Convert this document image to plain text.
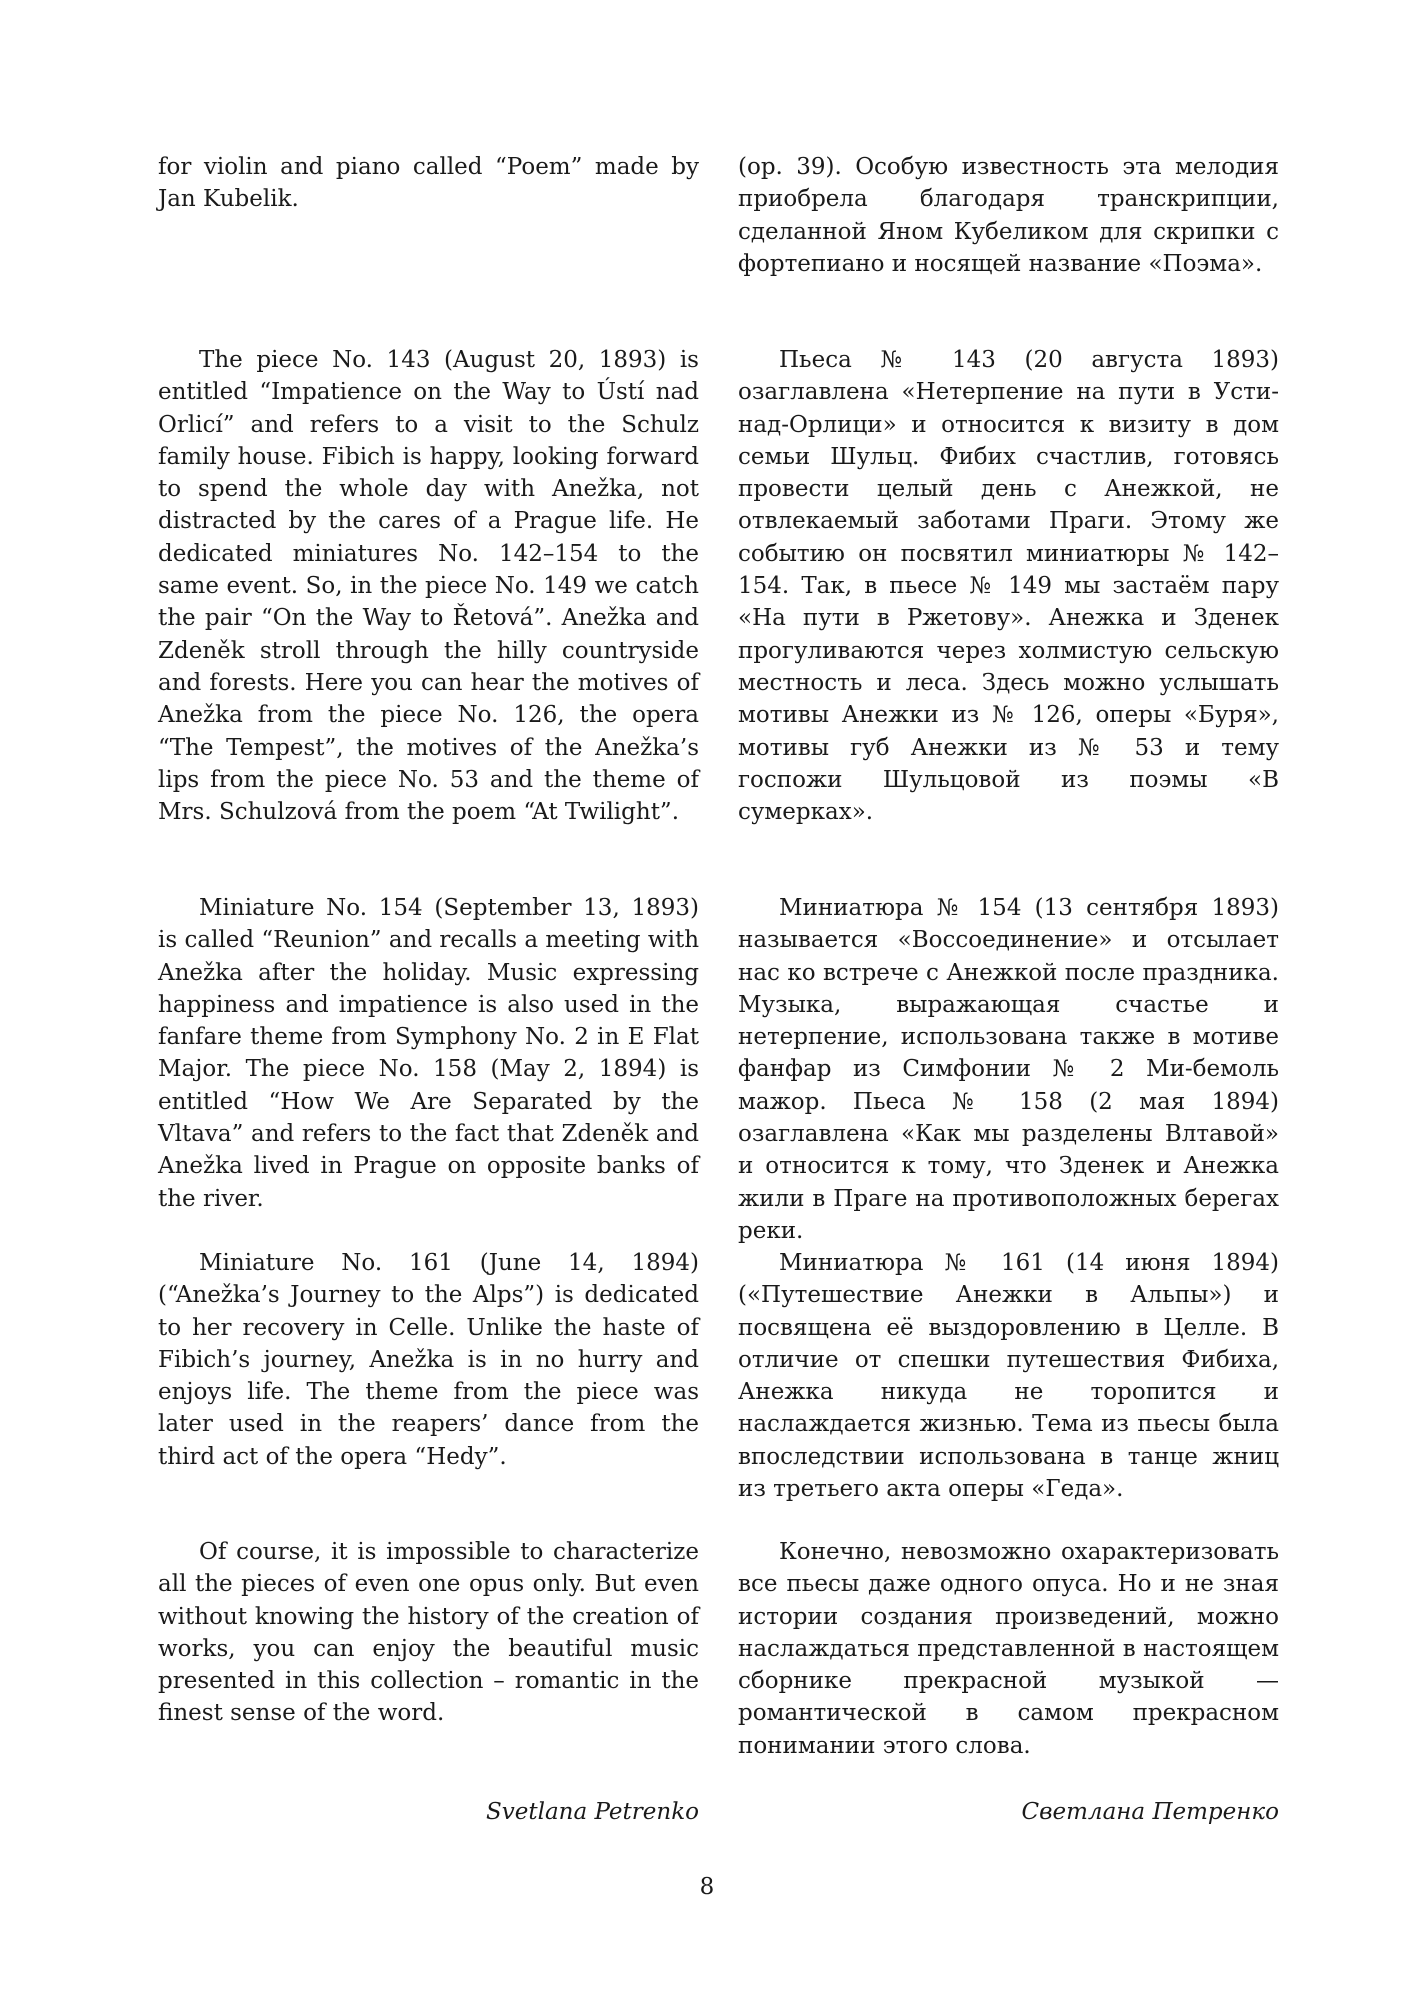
for violin and piano called “Poem” made by Jan Kubelik.

The piece No. 143 (August 20, 1893) is entitled “Impatience on the Way to Ústí nad Orlicí” and refers to a visit to the Schulz family house. Fibich is happy, looking forward to spend the whole day with Anežka, not distracted by the cares of a Prague life. He dedicated miniatures No. 142–154 to the same event. So, in the piece No. 149 we catch the pair “On the Way to Řetová”. Anežka and Zdeněk stroll through the hilly countryside and forests. Here you can hear the motives of Anežka from the piece No. 126, the opera “The Tempest”, the motives of the Anežka’s lips from the piece No. 53 and the theme of Mrs. Schulzová from the poem “At Twilight”.

Miniature No. 154 (September 13, 1893) is called “Reunion” and recalls a meeting with Anežka after the holiday. Music expressing happiness and impatience is also used in the fanfare theme from Symphony No. 2 in E Flat Major. The piece No. 158 (May 2, 1894) is entitled “How We Are Separated by the Vltava” and refers to the fact that Zdeněk and Anežka lived in Prague on opposite banks of the river.

Miniature No. 161 (June 14, 1894) (“Anežka’s Journey to the Alps”) is dedicated to her recovery in Celle. Unlike the haste of Fibich’s journey, Anežka is in no hurry and enjoys life. The theme from the piece was later used in the reapers’ dance from the third act of the opera “Hedy”.

Of course, it is impossible to characterize all the pieces of even one opus only. But even without knowing the history of the creation of works, you can enjoy the beautiful music presented in this collection – romantic in the finest sense of the word.

Svetlana Petrenko

(op. 39). Особую известность эта мелодия приобрела благодаря транскрипции, сделанной Яном Кубеликом для скрипки с фортепиано и носящей название «Поэма».

Пьеса № 143 (20 августа 1893) озаглавлена «Нетерпение на пути в Усти-над-Орлици» и относится к визиту в дом семьи Шульц. Фибих счастлив, готовясь провести целый день с Анежкой, не отвлекаемый заботами Праги. Этому же событию он посвятил миниатюры № 142–154. Так, в пьесе № 149 мы застаём пару «На пути в Ржетову». Анежка и Зденек прогуливаются через холмистую сельскую местность и леса. Здесь можно услышать мотивы Анежки из № 126, оперы «Буря», мотивы губ Анежки из № 53 и тему госпожи Шульцовой из поэмы «В сумерках».

Миниатюра № 154 (13 сентября 1893) называется «Воссоединение» и отсылает нас ко встрече с Анежкой после праздника. Музыка, выражающая счастье и нетерпение, использована также в мотиве фанфар из Симфонии № 2 Ми-бемоль мажор. Пьеса № 158 (2 мая 1894) озаглавлена «Как мы разделены Влтавой» и относится к тому, что Зденек и Анежка жили в Праге на противоположных берегах реки.

Миниатюра № 161 (14 июня 1894) («Путешествие Анежки в Альпы») и посвящена её выздоровлению в Целле. В отличие от спешки путешествия Фибиха, Анежка никуда не торопится и наслаждается жизнью. Тема из пьесы была впоследствии использована в танце жниц из третьего акта оперы «Геда».

Конечно, невозможно охарактеризовать все пьесы даже одного опуса. Но и не зная истории создания произведений, можно наслаждаться представленной в настоящем сборнике прекрасной музыкой — романтической в самом прекрасном понимании этого слова.

Светлана Петренко
8
